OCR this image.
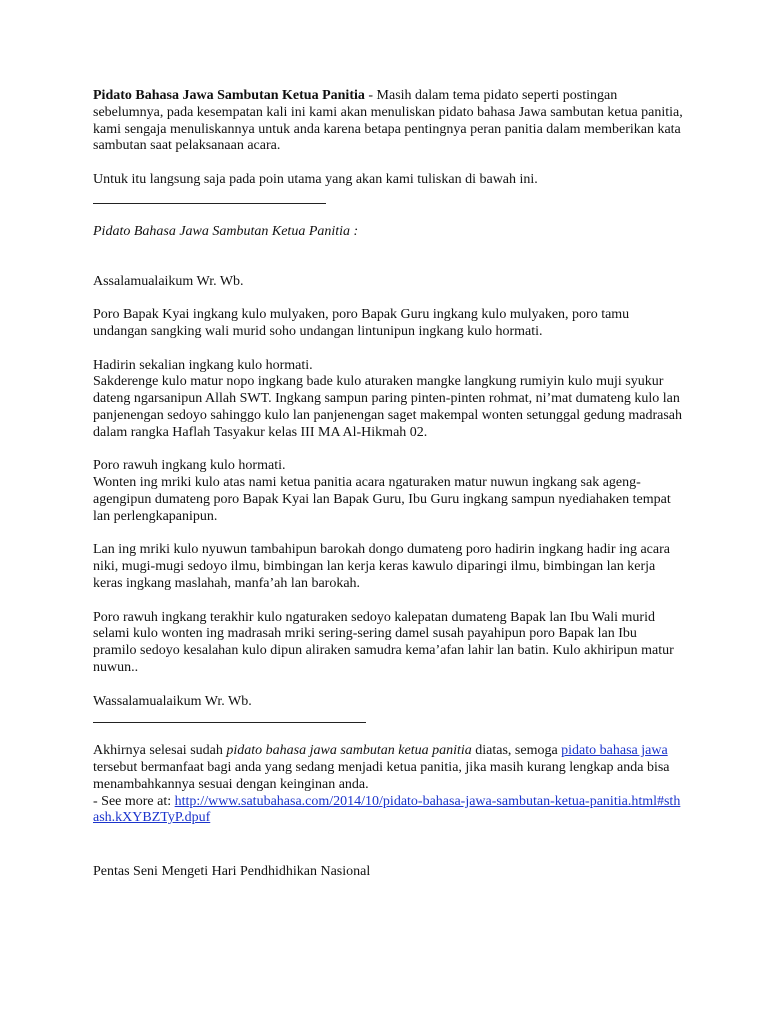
Pidato Bahasa Jawa Sambutan Ketua Panitia - Masih dalam tema pidato seperti postingan sebelumnya, pada kesempatan kali ini kami akan menuliskan pidato bahasa Jawa sambutan ketua panitia, kami sengaja menuliskannya untuk anda karena betapa pentingnya peran panitia dalam memberikan kata sambutan saat pelaksanaan acara.

Untuk itu langsung saja pada poin utama yang akan kami tuliskan di bawah ini.

Pidato Bahasa Jawa Sambutan Ketua Panitia :

Assalamualaikum Wr. Wb.

Poro Bapak Kyai ingkang kulo mulyaken, poro Bapak Guru ingkang kulo mulyaken, poro tamu undangan sangking wali murid soho undangan lintunipun ingkang kulo hormati.

Hadirin sekalian ingkang kulo hormati.

Sakderenge kulo matur nopo ingkang bade kulo aturaken mangke langkung rumiyin kulo muji syukur dateng ngarsanipun Allah SWT. Ingkang sampun paring pinten-pinten rohmat, ni’mat dumateng kulo lan panjenengan sedoyo sahinggo kulo lan panjenengan saget makempal wonten setunggal gedung madrasah dalam rangka Haflah Tasyakur kelas III MA Al-Hikmah 02.

Poro rawuh ingkang kulo hormati.

Wonten ing mriki kulo atas nami ketua panitia acara ngaturaken matur nuwun ingkang sak ageng-agengipun dumateng poro Bapak Kyai lan Bapak Guru, Ibu Guru ingkang sampun nyediahaken tempat lan perlengkapanipun.

Lan ing mriki kulo nyuwun tambahipun barokah dongo dumateng poro hadirin ingkang hadir ing acara niki, mugi-mugi sedoyo ilmu, bimbingan lan kerja keras kawulo diparingi ilmu, bimbingan lan kerja keras ingkang maslahah, manfa’ah lan barokah.

Poro rawuh ingkang terakhir kulo ngaturaken sedoyo kalepatan dumateng Bapak lan Ibu Wali murid selami kulo wonten ing madrasah mriki sering-sering damel susah payahipun poro Bapak lan Ibu pramilo sedoyo kesalahan kulo dipun aliraken samudra kema’afan lahir lan batin. Kulo akhiripun matur nuwun..

Wassalamualaikum Wr. Wb.

Akhirnya selesai sudah pidato bahasa jawa sambutan ketua panitia diatas, semoga pidato bahasa jawa tersebut bermanfaat bagi anda yang sedang menjadi ketua panitia, jika masih kurang lengkap anda bisa menambahkannya sesuai dengan keinginan anda.

- See more at: http://www.satubahasa.com/2014/10/pidato-bahasa-jawa-sambutan-ketua-panitia.html#sthash.kXYBZTyP.dpuf

Pentas Seni Mengeti Hari Pendhidhikan Nasional
